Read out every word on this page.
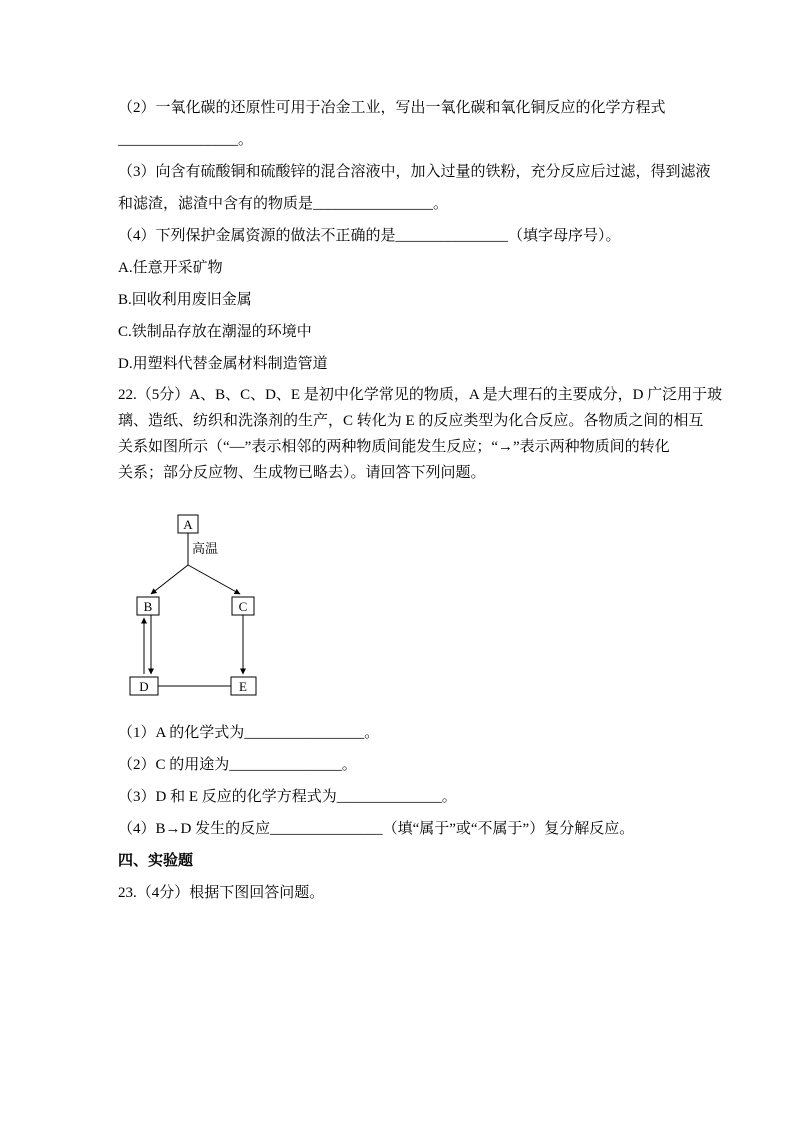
（2）一氧化碳的还原性可用于冶金工业，写出一氧化碳和氧化铜反应的化学方程式
________________。
（3）向含有硫酸铜和硫酸锌的混合溶液中，加入过量的铁粉，充分反应后过滤，得到滤液
和滤渣，滤渣中含有的物质是________________。
（4）下列保护金属资源的做法不正确的是_______________（填字母序号）。
A.任意开采矿物
B.回收利用废旧金属
C.铁制品存放在潮湿的环境中
D.用塑料代替金属材料制造管道
22.（5分）A、B、C、D、E 是初中化学常见的物质，A 是大理石的主要成分，D 广泛用于玻
璃、造纸、纺织和洗涤剂的生产，C 转化为 E 的反应类型为化合反应。各物质之间的相互
关系如图所示（“—”表示相邻的两种物质间能发生反应；“→”表示两种物质间的转化
关系；部分反应物、生成物已略去）。请回答下列问题。
A
B	C
D	E
高温
（1）A 的化学式为________________。
（2）C 的用途为_______________。
（3）D 和 E 反应的化学方程式为______________。
（4）B→D 发生的反应_______________（填“属于”或“不属于”）复分解反应。
四、实验题
23.（4分）根据下图回答问题。
